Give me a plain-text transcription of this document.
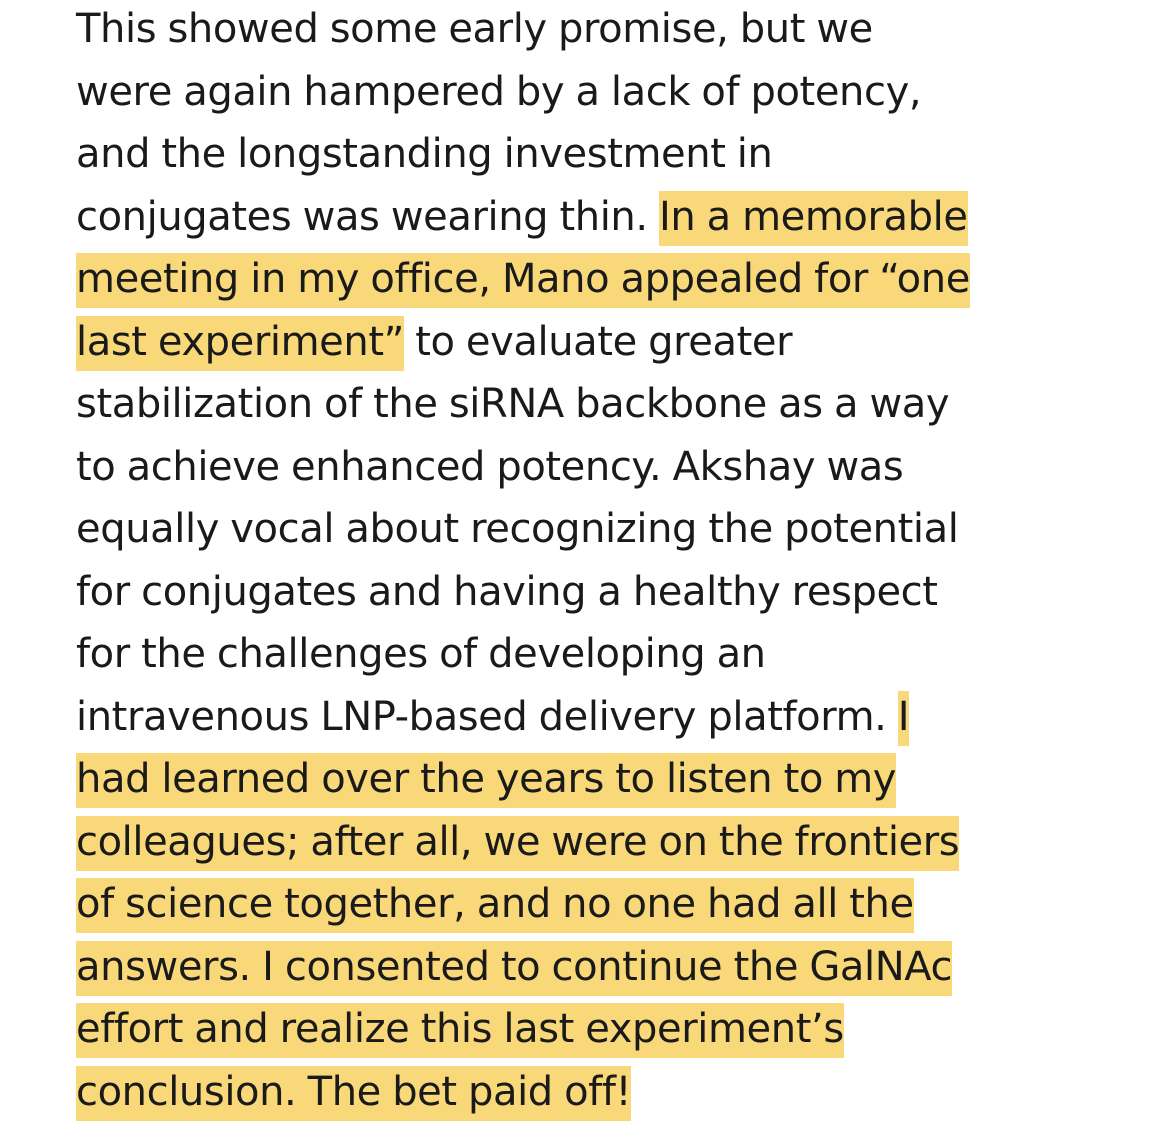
This showed some early promise, but we
were again hampered by a lack of potency,
and the longstanding investment in
conjugates was wearing thin. In a memorable
meeting in my office, Mano appealed for “one
last experiment” to evaluate greater
stabilization of the siRNA backbone as a way
to achieve enhanced potency. Akshay was
equally vocal about recognizing the potential
for conjugates and having a healthy respect
for the challenges of developing an
intravenous LNP-based delivery platform. I
had learned over the years to listen to my
colleagues; after all, we were on the frontiers
of science together, and no one had all the
answers. I consented to continue the GalNAc
effort and realize this last experiment’s
conclusion. The bet paid off!
